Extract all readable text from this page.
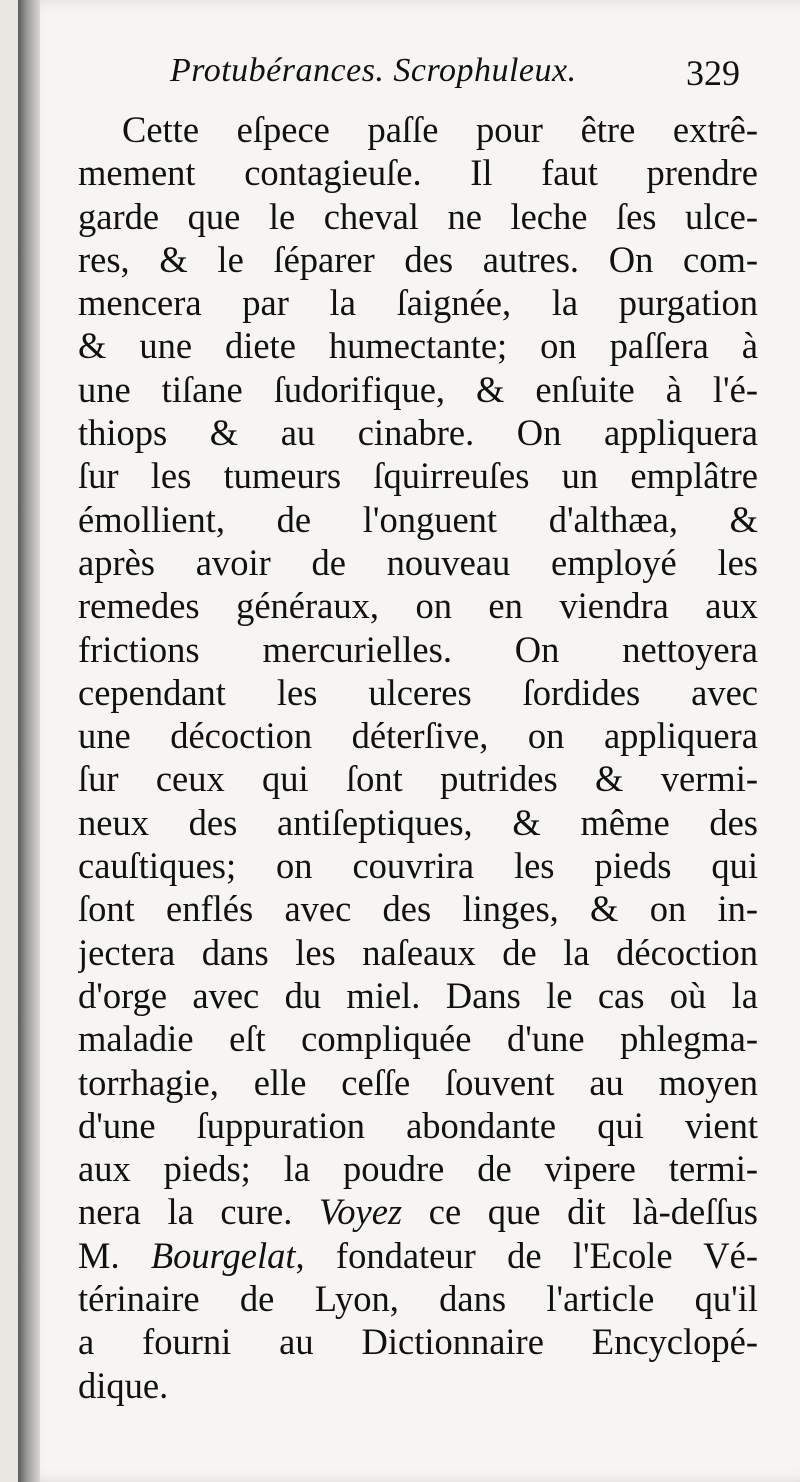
Protubérances. Scrophuleux.	329
Cette eſpece paſſe pour être extrê-
mement contagieuſe. Il faut prendre
garde que le cheval ne leche ſes ulce-
res, & le ſéparer des autres. On com-
mencera par la ſaignée, la purgation
& une diete humectante; on paſſera à
une tiſane ſudorifique, & enſuite à l'é-
thiops & au cinabre. On appliquera
ſur les tumeurs ſquirreuſes un emplâtre
émollient, de l'onguent d'althæa, &
après avoir de nouveau employé les
remedes généraux, on en viendra aux
frictions mercurielles. On nettoyera
cependant les ulceres ſordides avec
une décoction déterſive, on appliquera
ſur ceux qui ſont putrides & vermi-
neux des antiſeptiques, & même des
cauſtiques; on couvrira les pieds qui
ſont enflés avec des linges, & on in-
jectera dans les naſeaux de la décoction
d'orge avec du miel. Dans le cas où la
maladie eſt compliquée d'une phlegma-
torrhagie, elle ceſſe ſouvent au moyen
d'une ſuppuration abondante qui vient
aux pieds; la poudre de vipere termi-
nera la cure. Voyez ce que dit là-deſſus
M. Bourgelat, fondateur de l'Ecole Vé-
térinaire de Lyon, dans l'article qu'il
a fourni au Dictionnaire Encyclopé-
dique.
